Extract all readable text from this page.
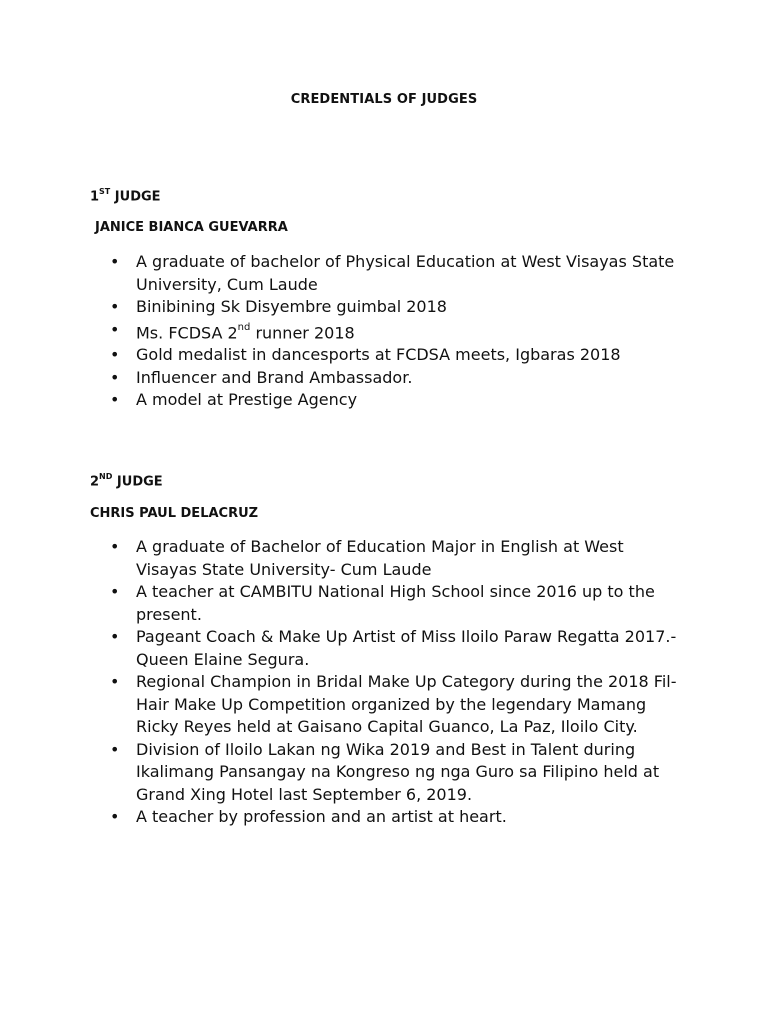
CREDENTIALS OF JUDGES
1ST JUDGE
JANICE BIANCA GUEVARRA
• A graduate of bachelor of Physical Education at West Visayas State University, Cum Laude
• Binibining Sk Disyembre guimbal 2018
• Ms. FCDSA 2nd runner 2018
• Gold medalist in dancesports at FCDSA meets, Igbaras 2018
• Influencer and Brand Ambassador.
• A model at Prestige Agency
2ND JUDGE
CHRIS PAUL DELACRUZ
• A graduate of Bachelor of Education Major in English at West Visayas State University- Cum Laude
• A teacher at CAMBITU National High School since 2016 up to the present.
• Pageant Coach & Make Up Artist of Miss Iloilo Paraw Regatta 2017.- Queen Elaine Segura.
• Regional Champion in Bridal Make Up Category during the 2018 Fil-Hair Make Up Competition organized by the legendary Mamang Ricky Reyes held at Gaisano Capital Guanco, La Paz, Iloilo City.
• Division of Iloilo Lakan ng Wika 2019 and Best in Talent during Ikalimang Pansangay na Kongreso ng nga Guro sa Filipino held at Grand Xing Hotel last September 6, 2019.
• A teacher by profession and an artist at heart.
